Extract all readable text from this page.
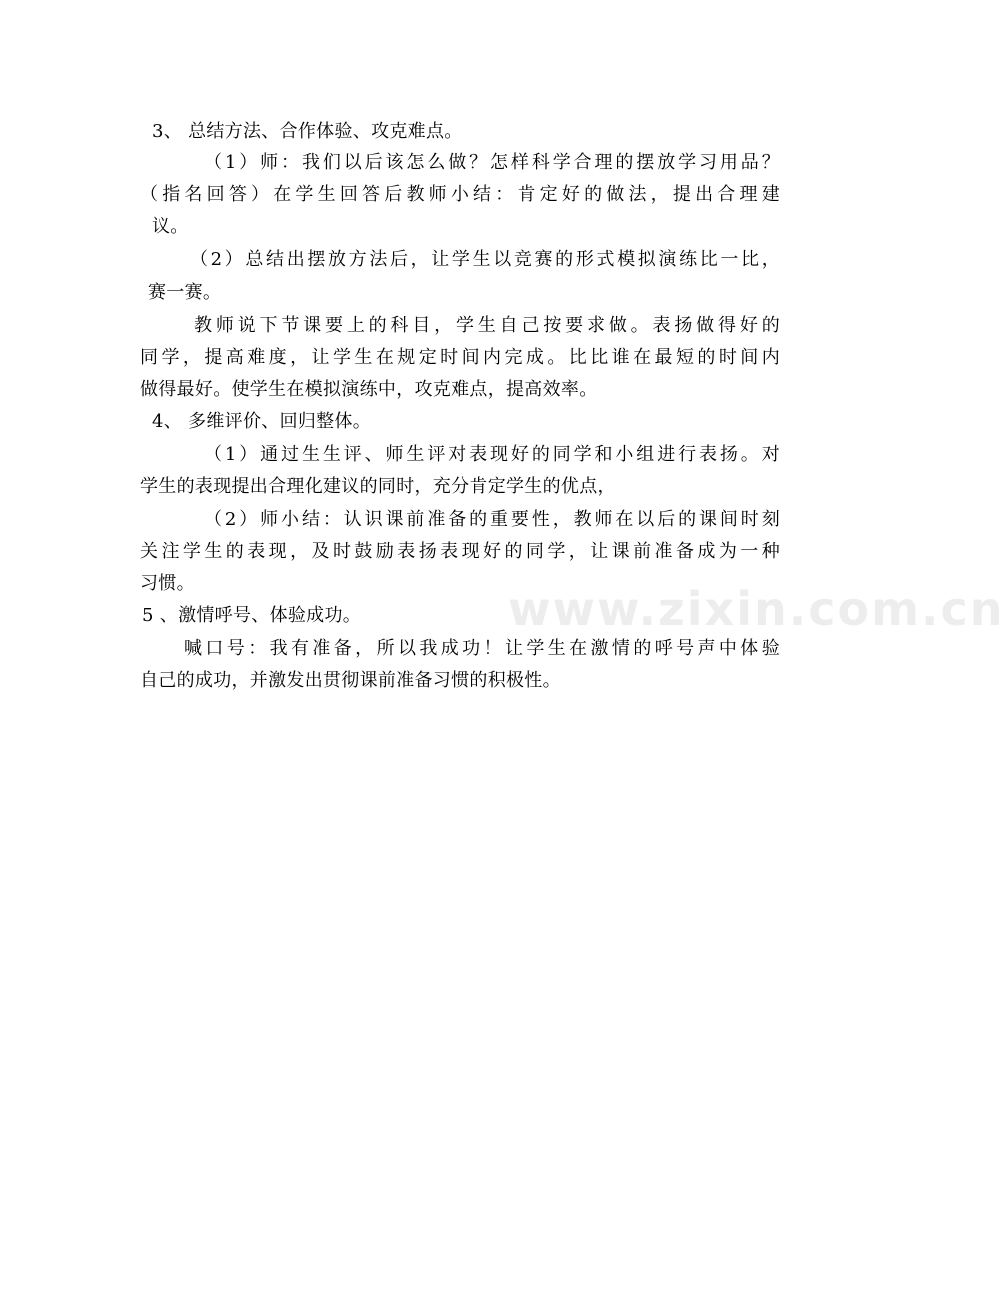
www.zixin.com.cn
3、 总结方法、合作体验、攻克难点。
（1）师：我们以后该怎么做？怎样科学合理的摆放学习用品？
（指名回答）在学生回答后教师小结：肯定好的做法，提出合理建
议。
（2）总结出摆放方法后，让学生以竞赛的形式模拟演练比一比，
赛一赛。
教师说下节课要上的科目，学生自己按要求做。表扬做得好的
同学，提高难度，让学生在规定时间内完成。比比谁在最短的时间内
做得最好。使学生在模拟演练中，攻克难点，提高效率。
4、 多维评价、回归整体。
（1）通过生生评、师生评对表现好的同学和小组进行表扬。对
学生的表现提出合理化建议的同时，充分肯定学生的优点，
（2）师小结：认识课前准备的重要性，教师在以后的课间时刻
关注学生的表现，及时鼓励表扬表现好的同学，让课前准备成为一种
习惯。
5 、激情呼号、体验成功。
喊口号：我有准备，所以我成功！让学生在激情的呼号声中体验
自己的成功，并激发出贯彻课前准备习惯的积极性。
